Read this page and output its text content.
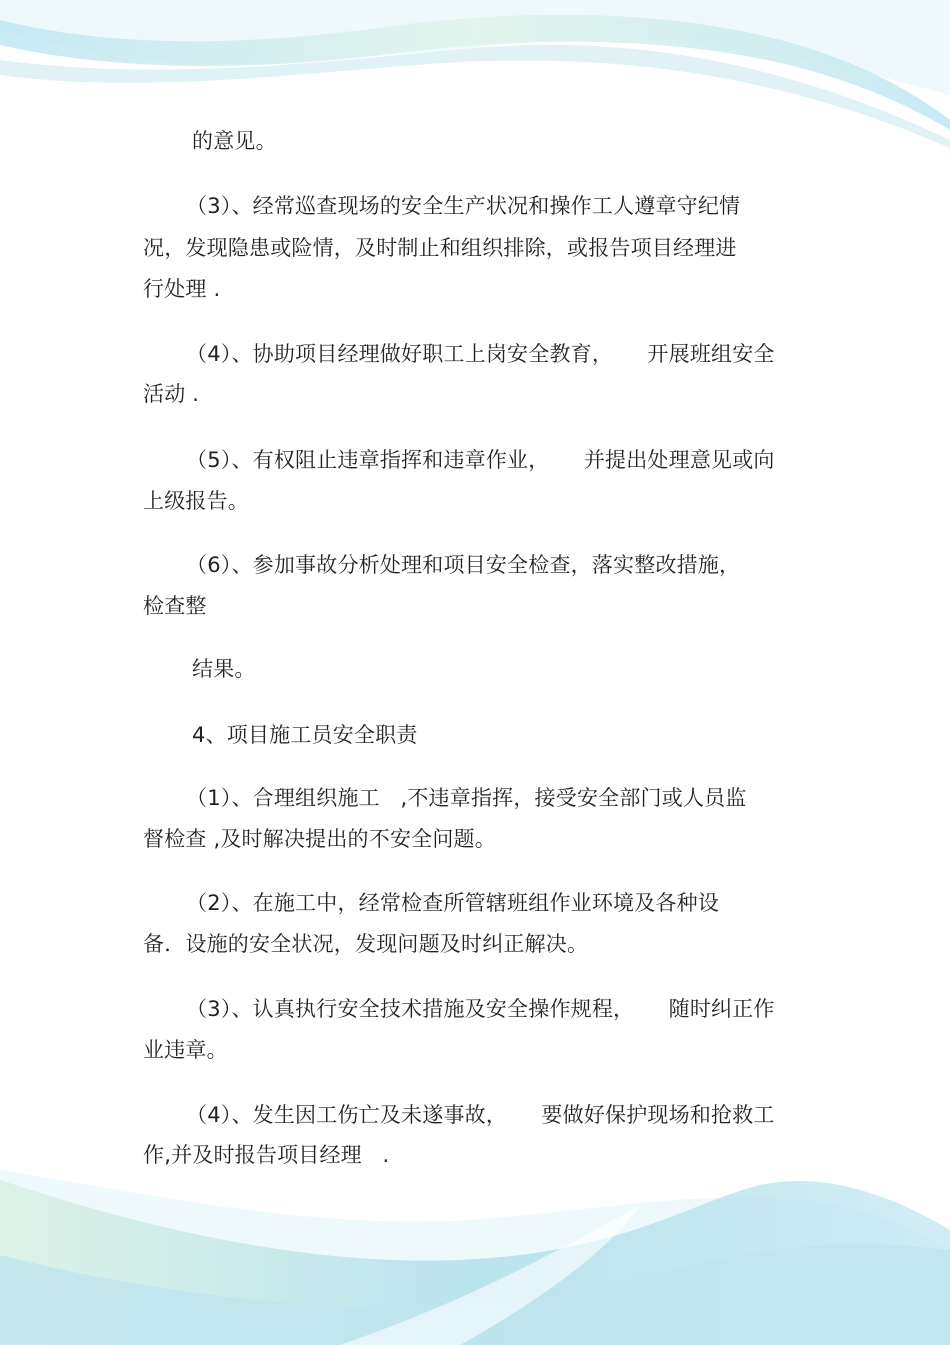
的意见。
（3）、经常巡查现场的安全生产状况和操作工人遵章守纪情
况，发现隐患或险情，及时制止和组织排除，或报告项目经理进
行处理 .
（4）、协助项目经理做好职工上岗安全教育，     开展班组安全
活动 .
（5）、有权阻止违章指挥和违章作业，     并提出处理意见或向
上级报告。
（6）、参加事故分析处理和项目安全检查，落实整改措施，
检查整
结果。
4、项目施工员安全职责
（1）、合理组织施工   ,不违章指挥，接受安全部门或人员监
督检查 ,及时解决提出的不安全问题。
（2）、在施工中，经常检查所管辖班组作业环境及各种设
备．设施的安全状况，发现问题及时纠正解决。
（3）、认真执行安全技术措施及安全操作规程，     随时纠正作
业违章。
（4）、发生因工伤亡及未遂事故，     要做好保护现场和抢救工
作,并及时报告项目经理   .
